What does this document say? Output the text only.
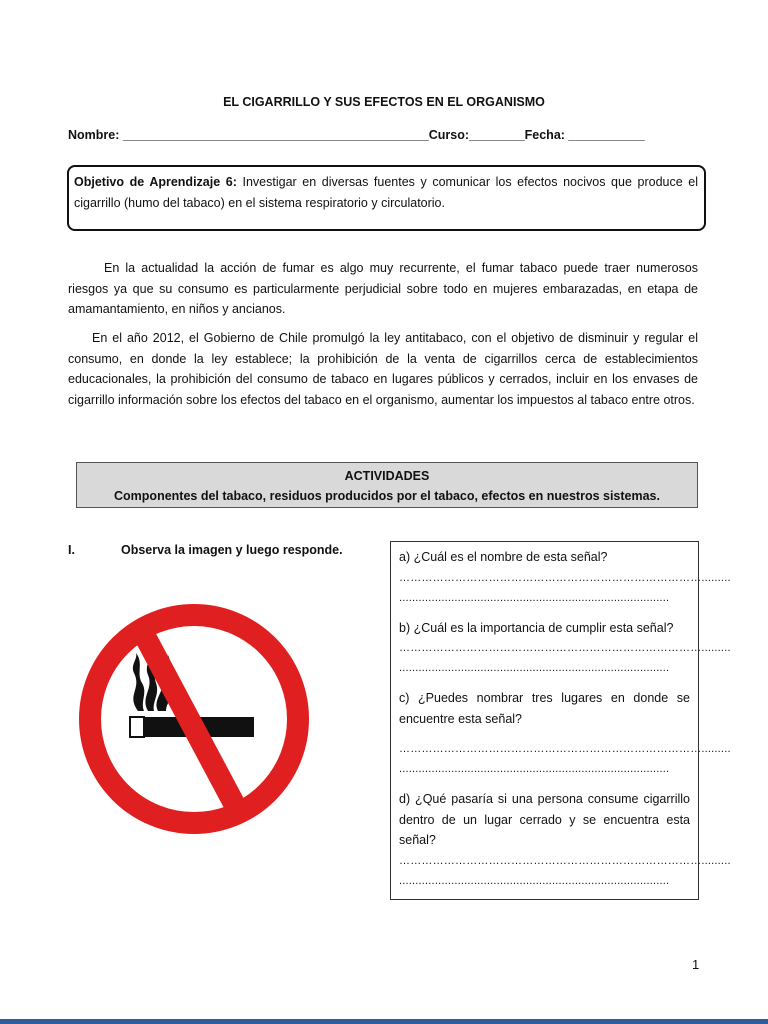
EL CIGARRILLO Y SUS EFECTOS EN EL ORGANISMO
Nombre: ____________________________________________Curso:________Fecha: ___________
Objetivo de Aprendizaje 6: Investigar en diversas fuentes y comunicar los efectos nocivos que produce el cigarrillo (humo del tabaco) en el sistema respiratorio y circulatorio.
En la actualidad la acción de fumar es algo muy recurrente, el fumar tabaco puede traer numerosos riesgos ya que su consumo es particularmente perjudicial sobre todo en mujeres embarazadas, en etapa de amamantamiento, en niños y ancianos.
En el año 2012, el Gobierno de Chile promulgó la ley antitabaco, con el objetivo de disminuir y regular el consumo, en donde la ley establece; la prohibición de la venta de cigarrillos cerca de establecimientos educacionales, la prohibición del consumo de tabaco en lugares públicos y cerrados, incluir en los envases de cigarrillo información sobre los efectos del tabaco en el organismo, aumentar los impuestos al tabaco entre otros.
ACTIVIDADES
Componentes del tabaco, residuos producidos por el tabaco, efectos en nuestros sistemas.
I.	Observa la imagen y luego responde.	a) ¿Cuál es el nombre de esta señal?
……………………………………………………………………….........
...................................................................................
b) ¿Cuál es la importancia de cumplir esta señal?
……………………………………………………………………….........
...................................................................................
c) ¿Puedes nombrar tres lugares en donde se encuentre esta señal?
……………………………………………………………………….........
...................................................................................
d) ¿Qué pasaría si una persona consume cigarrillo dentro de un lugar cerrado y se encuentra esta señal?
……………………………………………………………………….........
...................................................................................
1
